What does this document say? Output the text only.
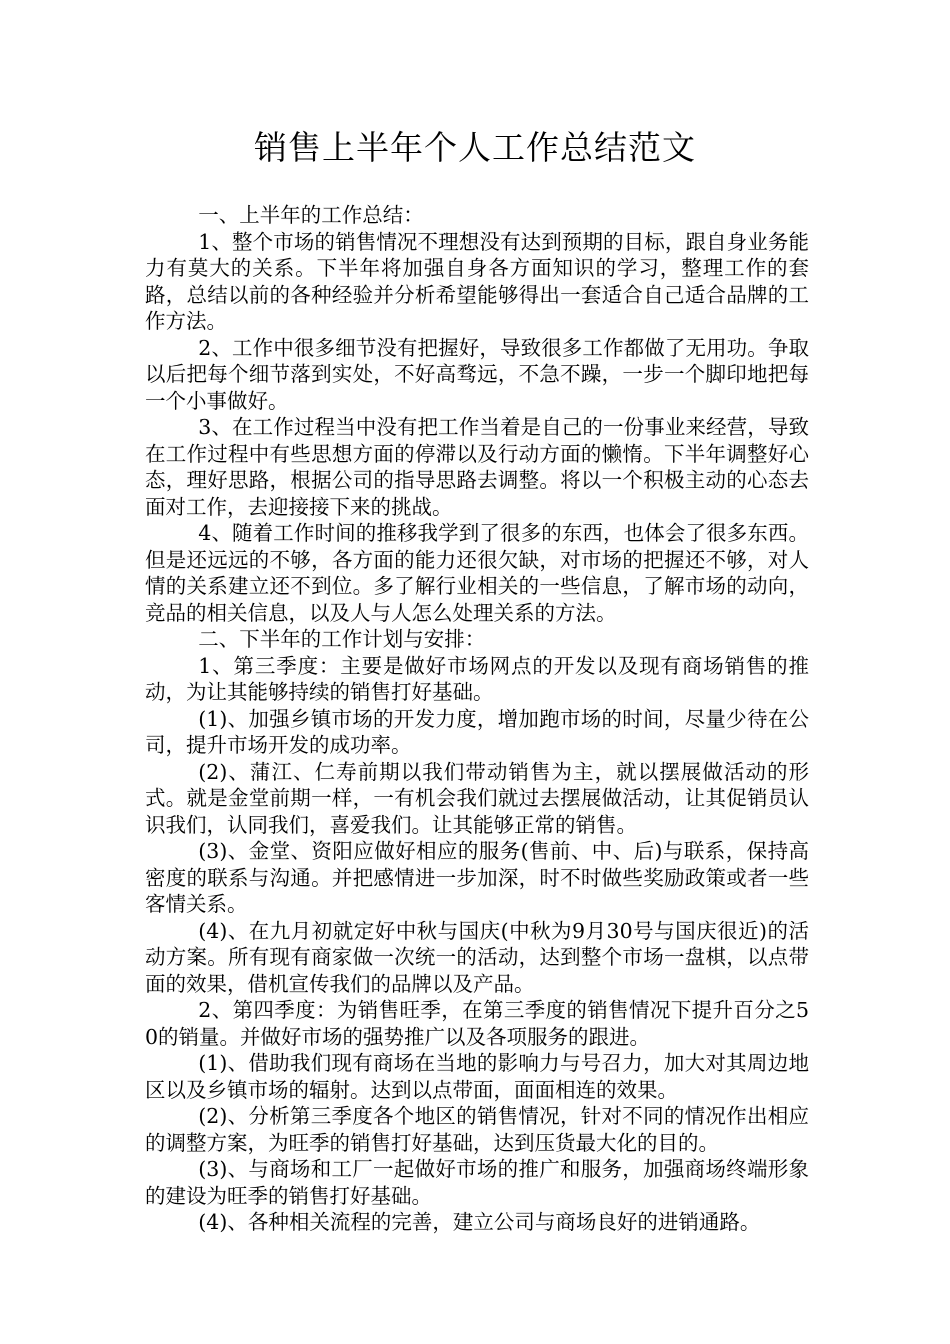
销售上半年个人工作总结范文

一、上半年的工作总结：

1、整个市场的销售情况不理想没有达到预期的目标，跟自身业务能力有莫大的关系。下半年将加强自身各方面知识的学习，整理工作的套路，总结以前的各种经验并分析希望能够得出一套适合自己适合品牌的工作方法。

2、工作中很多细节没有把握好，导致很多工作都做了无用功。争取以后把每个细节落到实处，不好高骛远，不急不躁，一步一个脚印地把每一个小事做好。

3、在工作过程当中没有把工作当着是自己的一份事业来经营，导致在工作过程中有些思想方面的停滞以及行动方面的懒惰。下半年调整好心态，理好思路，根据公司的指导思路去调整。将以一个积极主动的心态去面对工作，去迎接接下来的挑战。

4、随着工作时间的推移我学到了很多的东西，也体会了很多东西。但是还远远的不够，各方面的能力还很欠缺，对市场的把握还不够，对人情的关系建立还不到位。多了解行业相关的一些信息，了解市场的动向，竞品的相关信息，以及人与人怎么处理关系的方法。

二、下半年的工作计划与安排：

1、第三季度：主要是做好市场网点的开发以及现有商场销售的推动，为让其能够持续的销售打好基础。

(1)、加强乡镇市场的开发力度，增加跑市场的时间，尽量少待在公司，提升市场开发的成功率。

(2)、蒲江、仁寿前期以我们带动销售为主，就以摆展做活动的形式。就是金堂前期一样，一有机会我们就过去摆展做活动，让其促销员认识我们，认同我们，喜爱我们。让其能够正常的销售。

(3)、金堂、资阳应做好相应的服务(售前、中、后)与联系，保持高密度的联系与沟通。并把感情进一步加深，时不时做些奖励政策或者一些客情关系。

(4)、在九月初就定好中秋与国庆(中秋为9月30号与国庆很近)的活动方案。所有现有商家做一次统一的活动，达到整个市场一盘棋，以点带面的效果，借机宣传我们的品牌以及产品。

2、第四季度：为销售旺季，在第三季度的销售情况下提升百分之50的销量。并做好市场的强势推广以及各项服务的跟进。

(1)、借助我们现有商场在当地的影响力与号召力，加大对其周边地区以及乡镇市场的辐射。达到以点带面，面面相连的效果。

(2)、分析第三季度各个地区的销售情况，针对不同的情况作出相应的调整方案，为旺季的销售打好基础，达到压货最大化的目的。

(3)、与商场和工厂一起做好市场的推广和服务，加强商场终端形象的建设为旺季的销售打好基础。

(4)、各种相关流程的完善，建立公司与商场良好的进销通路。
